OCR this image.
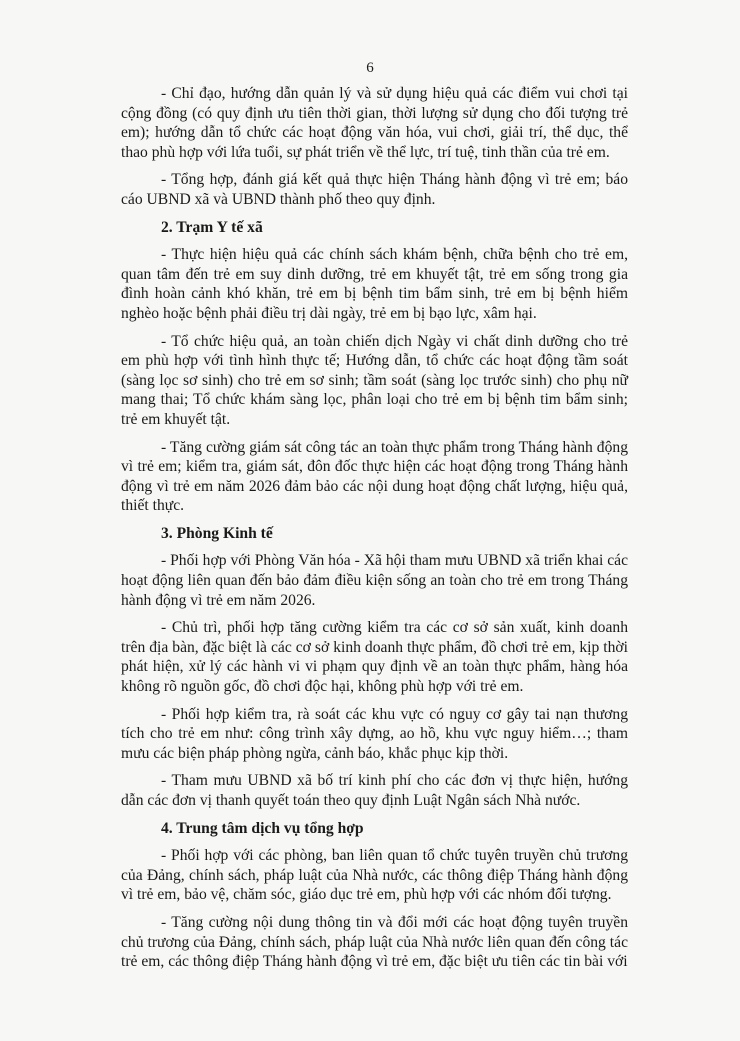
6

- Chỉ đạo, hướng dẫn quản lý và sử dụng hiệu quả các điểm vui chơi tại cộng đồng (có quy định ưu tiên thời gian, thời lượng sử dụng cho đối tượng trẻ em); hướng dẫn tổ chức các hoạt động văn hóa, vui chơi, giải trí, thể dục, thể thao phù hợp với lứa tuổi, sự phát triển về thể lực, trí tuệ, tinh thần của trẻ em.

- Tổng hợp, đánh giá kết quả thực hiện Tháng hành động vì trẻ em; báo cáo UBND xã và UBND thành phố theo quy định.

2. Trạm Y tế xã

- Thực hiện hiệu quả các chính sách khám bệnh, chữa bệnh cho trẻ em, quan tâm đến trẻ em suy dinh dưỡng, trẻ em khuyết tật, trẻ em sống trong gia đình hoàn cảnh khó khăn, trẻ em bị bệnh tim bẩm sinh, trẻ em bị bệnh hiểm nghèo hoặc bệnh phải điều trị dài ngày, trẻ em bị bạo lực, xâm hại.

- Tổ chức hiệu quả, an toàn chiến dịch Ngày vi chất dinh dưỡng cho trẻ em phù hợp với tình hình thực tế; Hướng dẫn, tổ chức các hoạt động tầm soát (sàng lọc sơ sinh) cho trẻ em sơ sinh; tầm soát (sàng lọc trước sinh) cho phụ nữ mang thai; Tổ chức khám sàng lọc, phân loại cho trẻ em bị bệnh tim bẩm sinh; trẻ em khuyết tật.

- Tăng cường giám sát công tác an toàn thực phẩm trong Tháng hành động vì trẻ em; kiểm tra, giám sát, đôn đốc thực hiện các hoạt động trong Tháng hành động vì trẻ em năm 2026 đảm bảo các nội dung hoạt động chất lượng, hiệu quả, thiết thực.

3. Phòng Kinh tế

- Phối hợp với Phòng Văn hóa - Xã hội tham mưu UBND xã triển khai các hoạt động liên quan đến bảo đảm điều kiện sống an toàn cho trẻ em trong Tháng hành động vì trẻ em năm 2026.

- Chủ trì, phối hợp tăng cường kiểm tra các cơ sở sản xuất, kinh doanh trên địa bàn, đặc biệt là các cơ sở kinh doanh thực phẩm, đồ chơi trẻ em, kịp thời phát hiện, xử lý các hành vi vi phạm quy định về an toàn thực phẩm, hàng hóa không rõ nguồn gốc, đồ chơi độc hại, không phù hợp với trẻ em.

- Phối hợp kiểm tra, rà soát các khu vực có nguy cơ gây tai nạn thương tích cho trẻ em như: công trình xây dựng, ao hồ, khu vực nguy hiểm…; tham mưu các biện pháp phòng ngừa, cảnh báo, khắc phục kịp thời.

- Tham mưu UBND xã bố trí kinh phí cho các đơn vị thực hiện, hướng dẫn các đơn vị thanh quyết toán theo quy định Luật Ngân sách Nhà nước.

4. Trung tâm dịch vụ tổng hợp

- Phối hợp với các phòng, ban liên quan tổ chức tuyên truyền chủ trương của Đảng, chính sách, pháp luật của Nhà nước, các thông điệp Tháng hành động vì trẻ em, bảo vệ, chăm sóc, giáo dục trẻ em, phù hợp với các nhóm đối tượng.

- Tăng cường nội dung thông tin và đổi mới các hoạt động tuyên truyền chủ trương của Đảng, chính sách, pháp luật của Nhà nước liên quan đến công tác trẻ em, các thông điệp Tháng hành động vì trẻ em, đặc biệt ưu tiên các tin bài với
